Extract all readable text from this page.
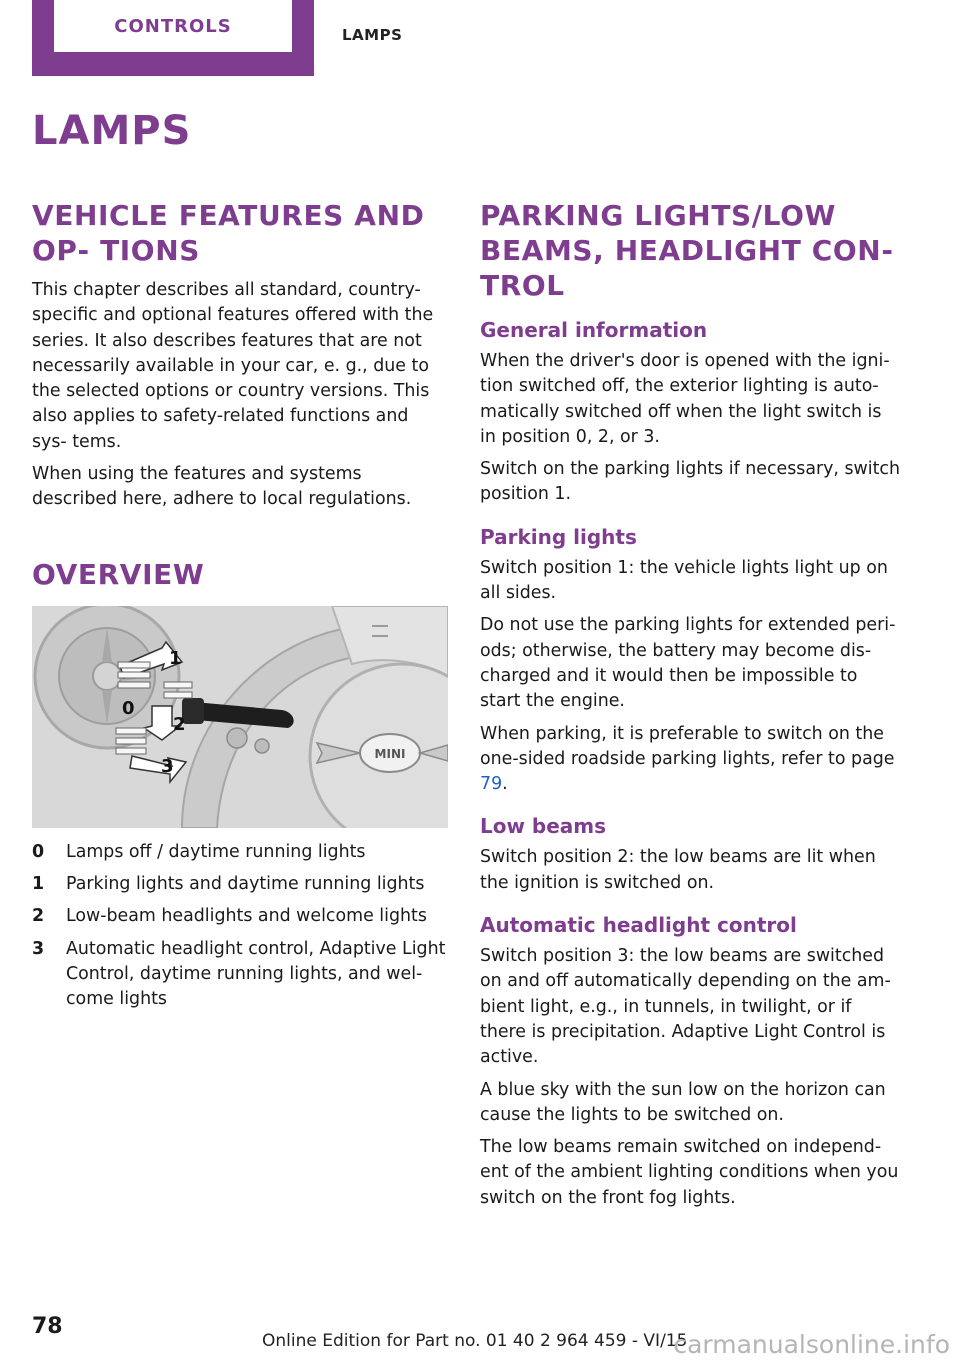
CONTROLS	LAMPS
LAMPS
VEHICLE FEATURES AND OP‐ TIONS

This chapter describes all standard, country- specific and optional features offered with the series. It also describes features that are not necessarily available in your car, e. g., due to the selected options or country versions. This also applies to safety-related functions and sys‐ tems.

When using the features and systems described here, adhere to local regulations.

OVERVIEW
MINI
1
0
2
3
0	Lamps off / daytime running lights
1	Parking lights and daytime running lights
2	Low-beam headlights and welcome lights
3	Automatic headlight control, Adaptive Light Control, daytime running lights, and wel‐ come lights
PARKING LIGHTS/LOW BEAMS, HEADLIGHT CON‐ TROL
General information

When the driver's door is opened with the igni‐ tion switched off, the exterior lighting is auto‐ matically switched off when the light switch is in position 0, 2, or 3.

Switch on the parking lights if necessary, switch position 1.

Parking lights

Switch position 1: the vehicle lights light up on all sides.

Do not use the parking lights for extended peri‐ ods; otherwise, the battery may become dis‐ charged and it would then be impossible to start the engine.

When parking, it is preferable to switch on the one-sided roadside parking lights, refer to page 79.

Low beams

Switch position 2: the low beams are lit when the ignition is switched on.

Automatic headlight control

Switch position 3: the low beams are switched on and off automatically depending on the am‐ bient light, e.g., in tunnels, in twilight, or if there is precipitation. Adaptive Light Control is active.

A blue sky with the sun low on the horizon can cause the lights to be switched on.

The low beams remain switched on independ‐ ent of the ambient lighting conditions when you switch on the front fog lights.

78
Online Edition for Part no. 01 40 2 964 459 - VI/15
carmanualsonline.info
